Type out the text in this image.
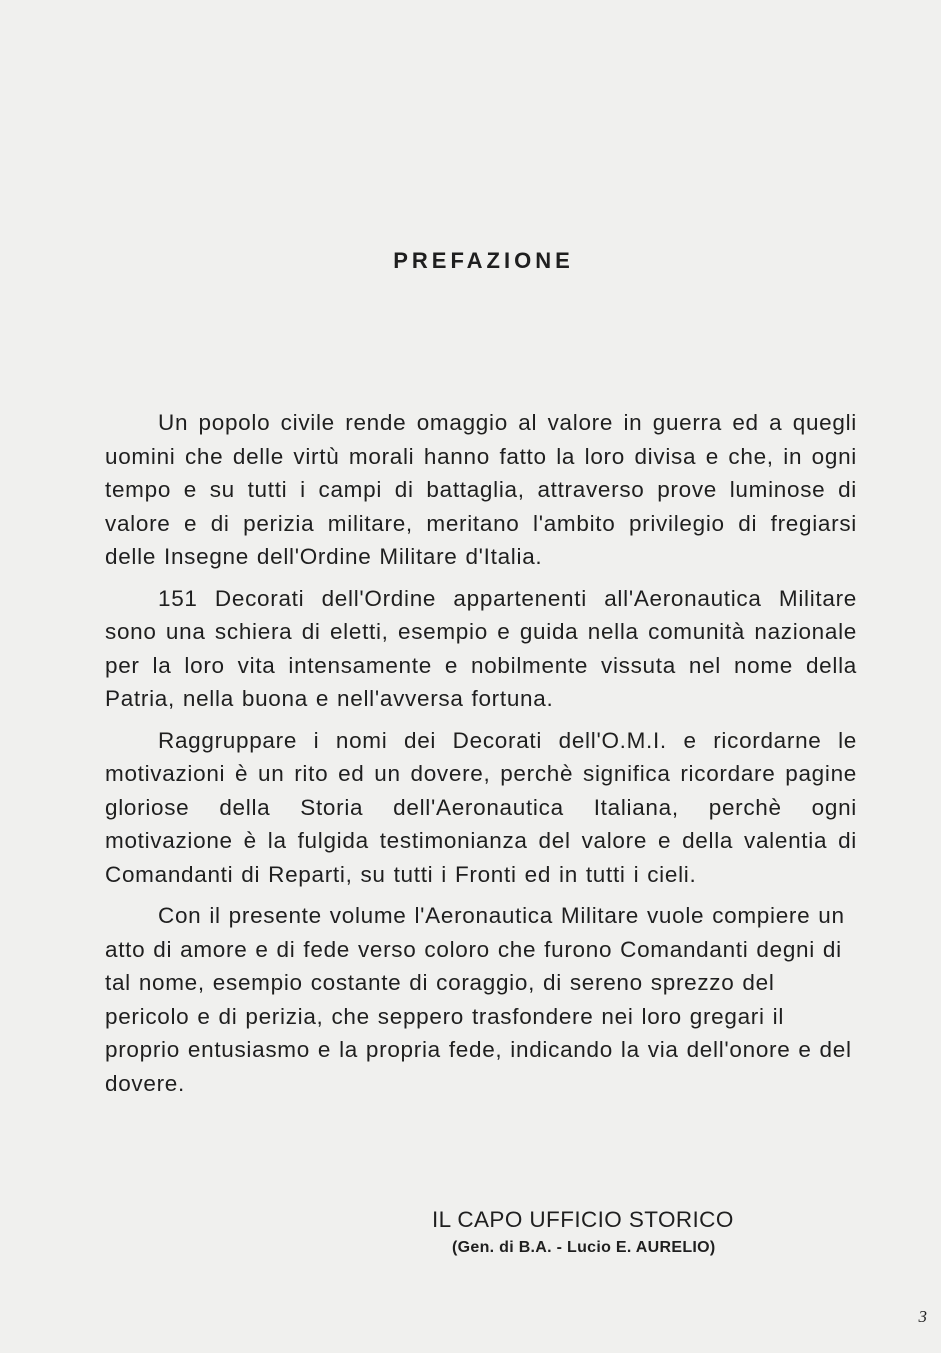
PREFAZIONE

Un popolo civile rende omaggio al valore in guerra ed a quegli uomini che delle virtù morali hanno fatto la loro divisa e che, in ogni tempo e su tutti i campi di battaglia, attraverso prove luminose di valore e di perizia militare, meritano l'ambito privilegio di fregiarsi delle Insegne dell'Ordine Militare d'Italia.

151 Decorati dell'Ordine appartenenti all'Aeronautica Militare sono una schiera di eletti, esempio e guida nella comunità nazionale per la loro vita intensamente e nobilmente vissuta nel nome della Patria, nella buona e nell'avversa fortuna.

Raggruppare i nomi dei Decorati dell'O.M.I. e ricordarne le motivazioni è un rito ed un dovere, perchè significa ricordare pagine gloriose della Storia dell'Aeronautica Italiana, perchè ogni motivazione è la fulgida testimonianza del valore e della valentia di Comandanti di Reparti, su tutti i Fronti ed in tutti i cieli.

Con il presente volume l'Aeronautica Militare vuole compiere un atto di amore e di fede verso coloro che furono Comandanti degni di tal nome, esempio costante di coraggio, di sereno sprezzo del pericolo e di perizia, che seppero trasfondere nei loro gregari il proprio entusiasmo e la propria fede, indicando la via dell'onore e del dovere.

IL CAPO UFFICIO STORICO
(Gen. di B.A. - Lucio E. AURELIO)
3
